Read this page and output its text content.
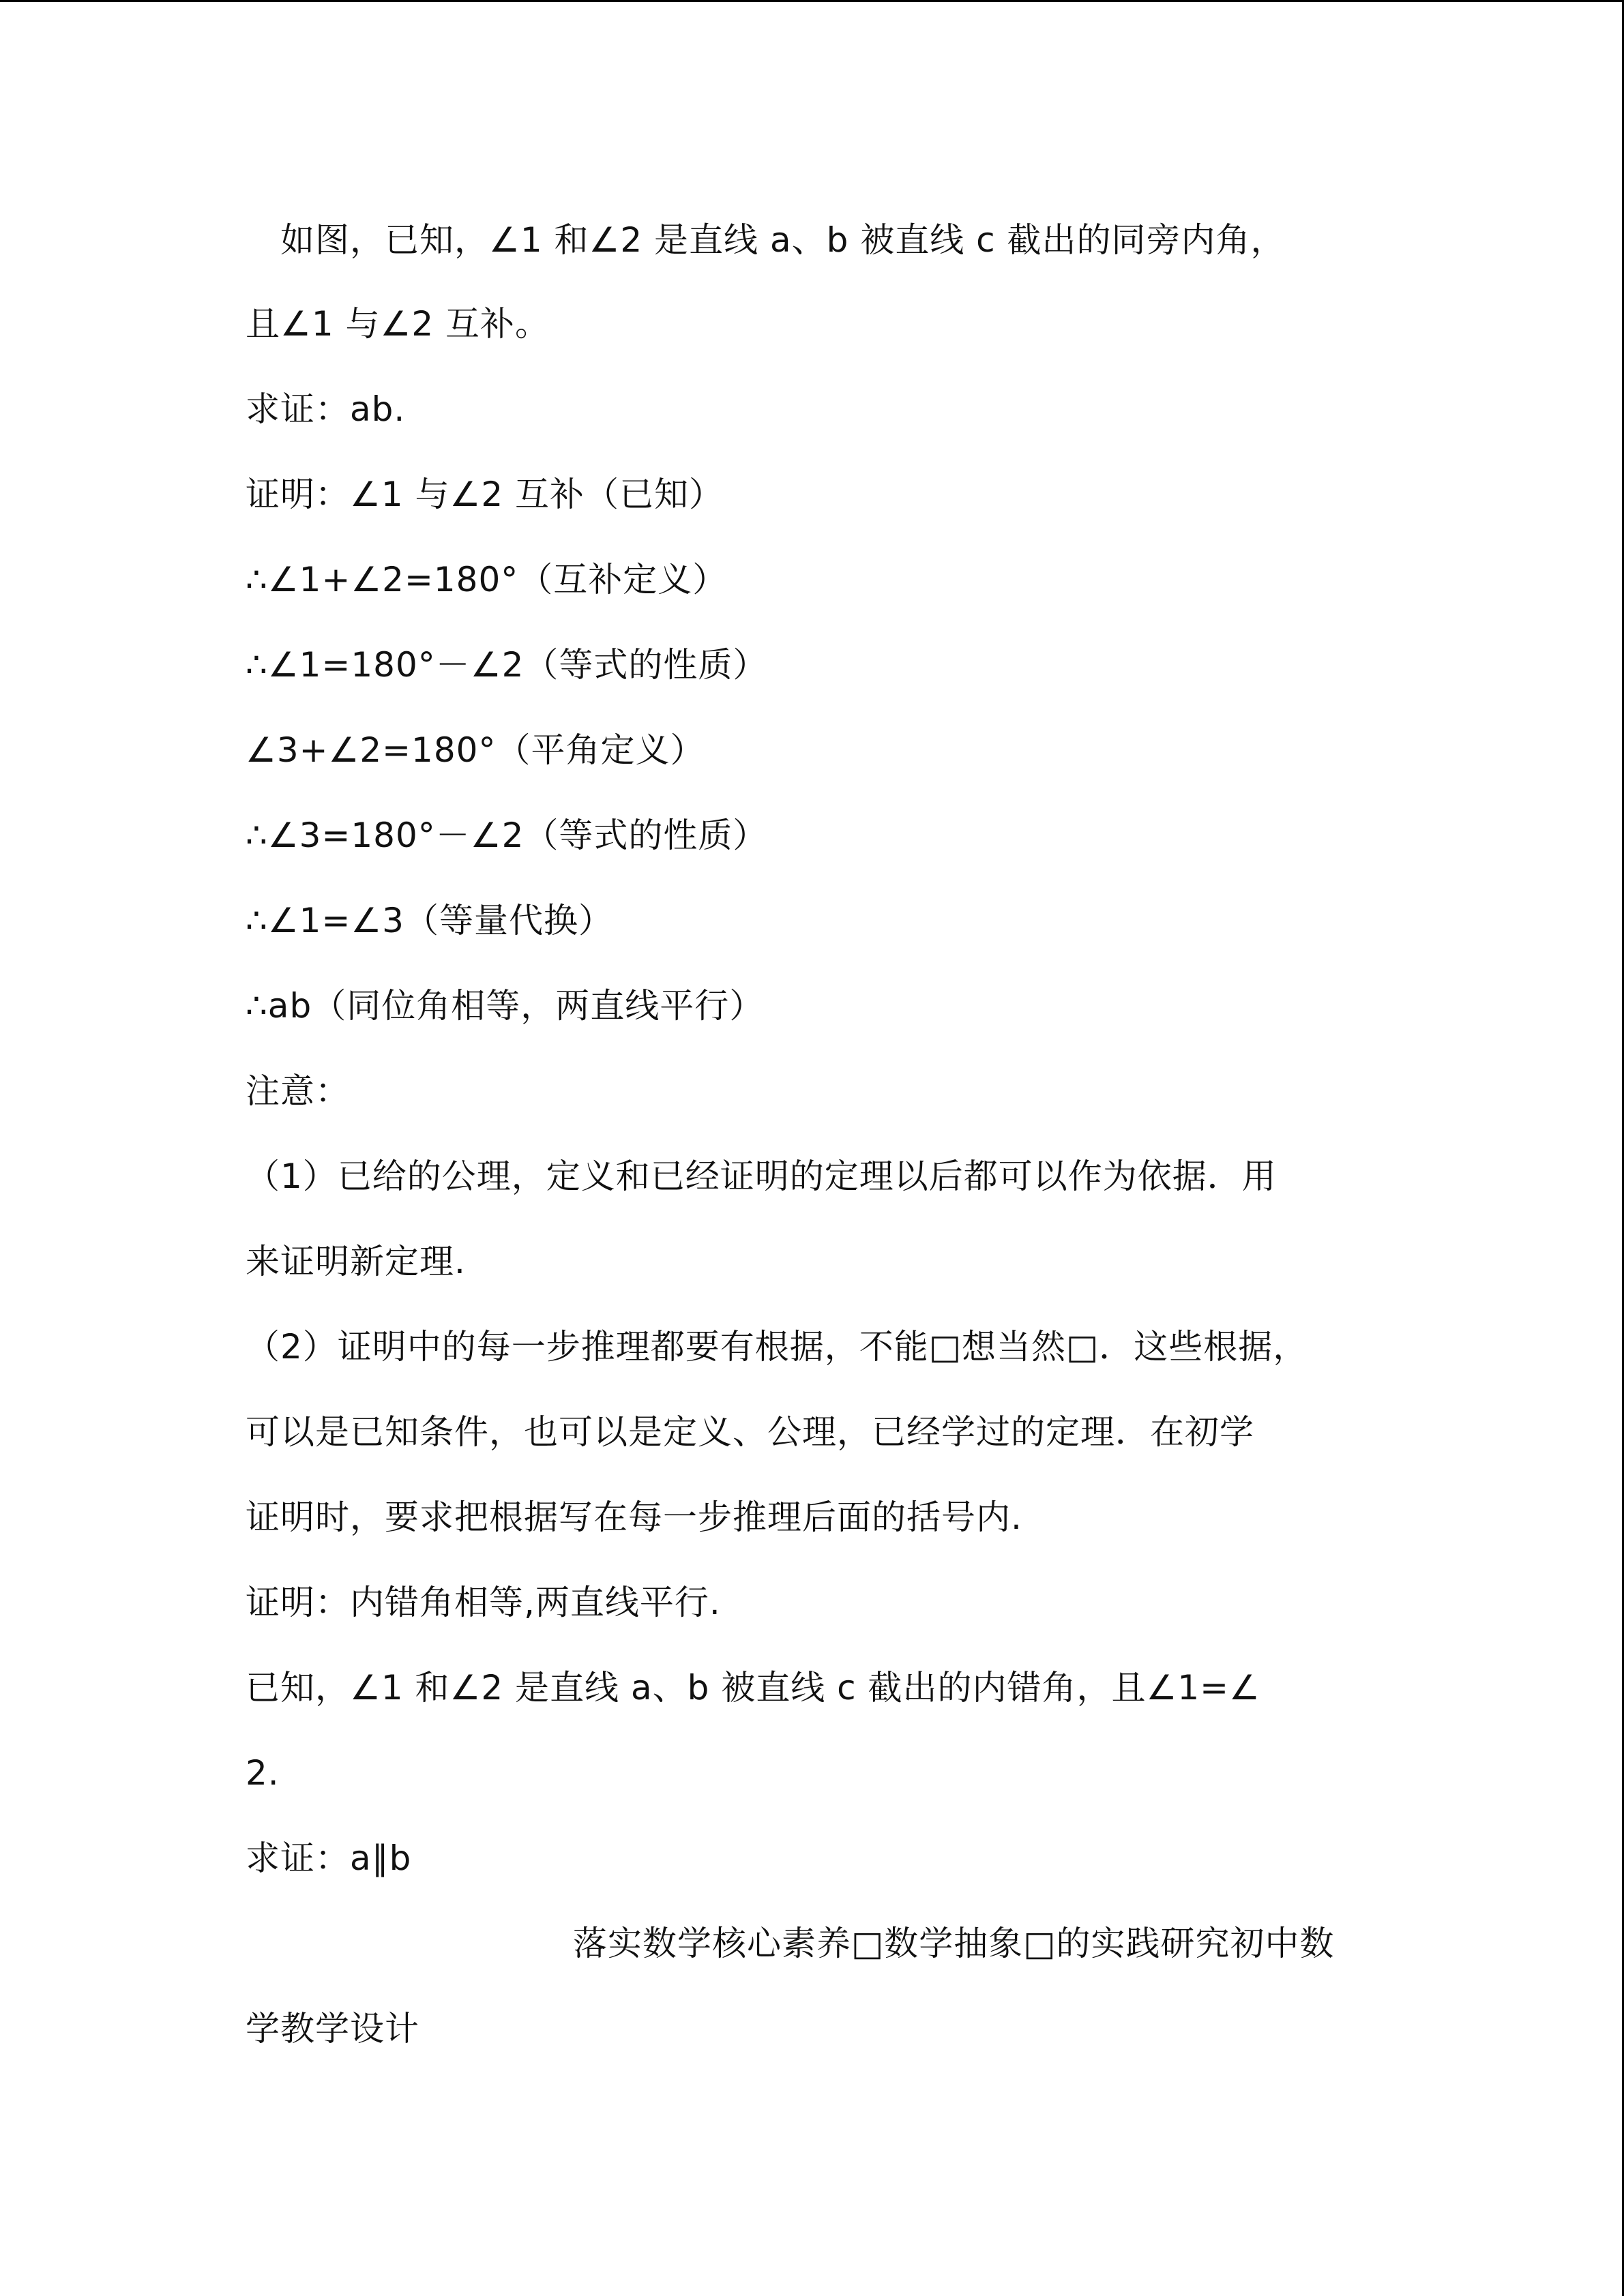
　如图，已知，∠1 和∠2 是直线 a、b 被直线 c 截出的同旁内角，
且∠1 与∠2 互补。
求证：ab.
证明：∠1 与∠2 互补（已知）
∴∠1+∠2=180°（互补定义）
∴∠1=180°－∠2（等式的性质）
∠3+∠2=180°（平角定义）
∴∠3=180°－∠2（等式的性质）
∴∠1=∠3（等量代换）
∴ab（同位角相等，两直线平行）
注意：
（1）已给的公理，定义和已经证明的定理以后都可以作为依据．用
来证明新定理.
（2）证明中的每一步推理都要有根据，不能□想当然□．这些根据，
可以是已知条件，也可以是定义、公理，已经学过的定理．在初学
证明时，要求把根据写在每一步推理后面的括号内.
证明：内错角相等,两直线平行.
已知，∠1 和∠2 是直线 a、b 被直线 c 截出的内错角，且∠1=∠
2.
求证：a∥b
落实数学核心素养□数学抽象□的实践研究初中数
学教学设计
